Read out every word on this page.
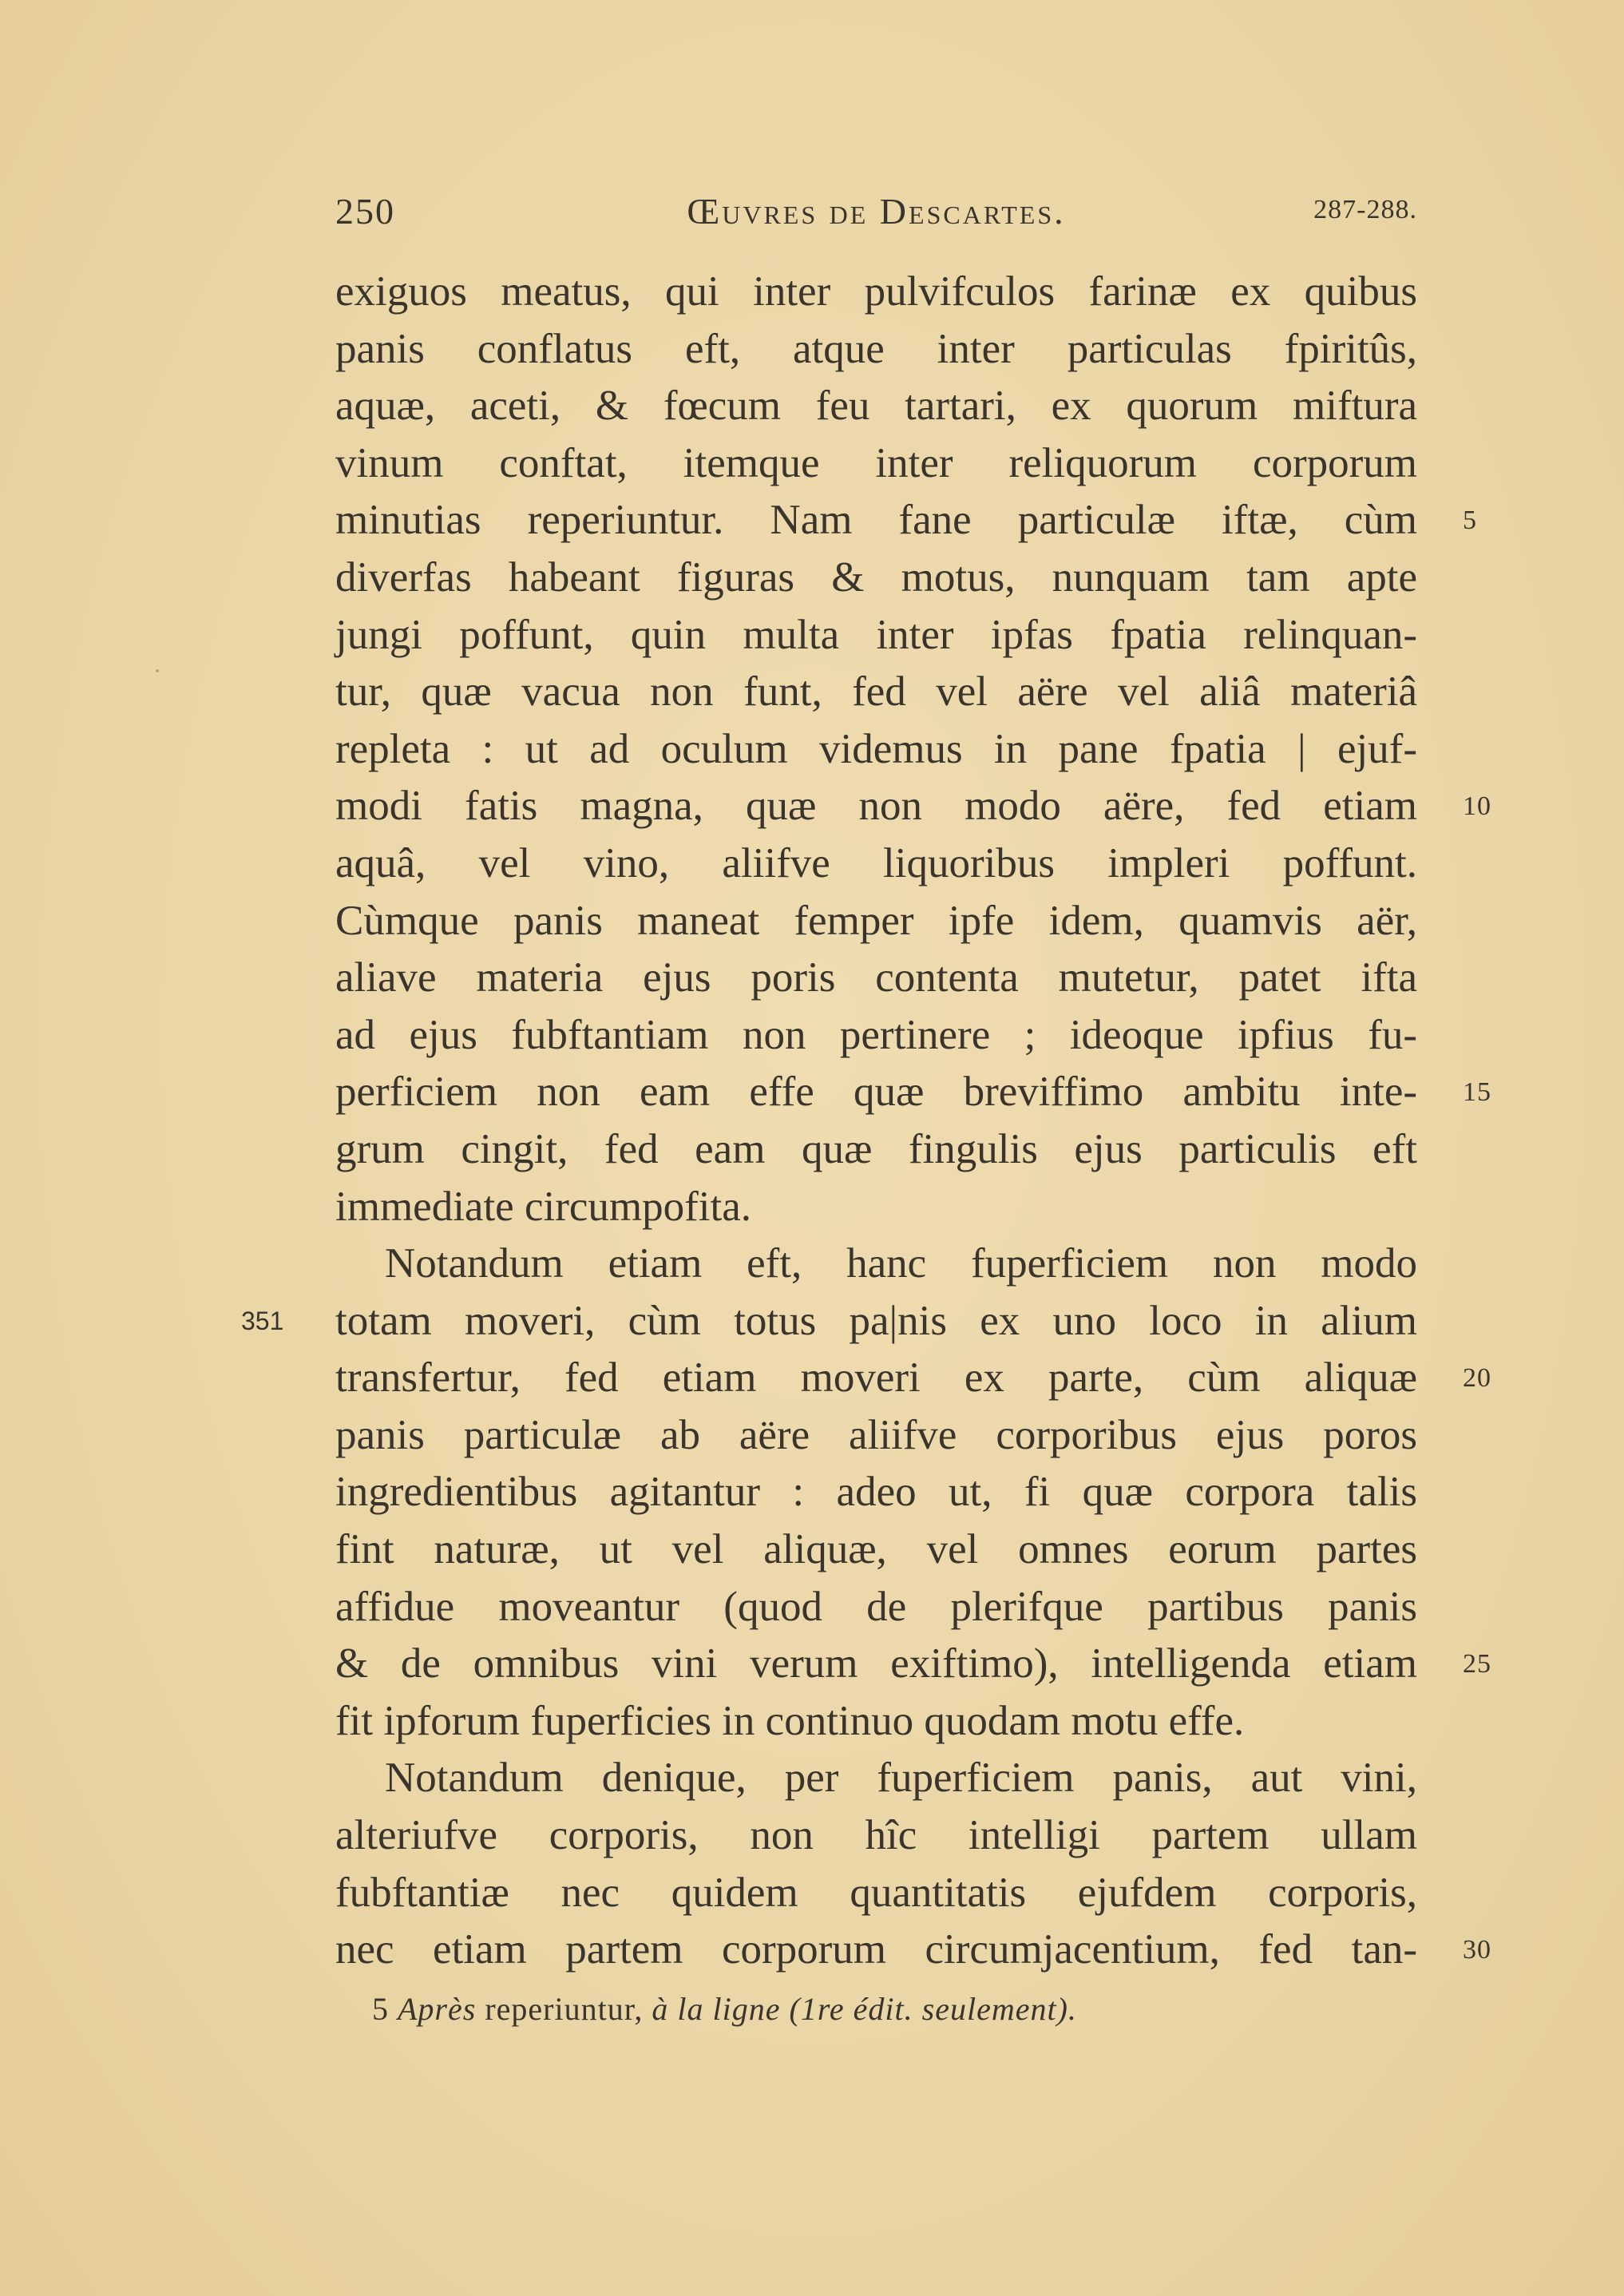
250	Œuvres de Descartes.	287-288.
exiguos meatus, qui inter pulvifculos farinæ ex quibus
panis conflatus eft, atque inter particulas fpiritûs,
aquæ, aceti, & fœcum feu tartari, ex quorum miftura
vinum conftat, itemque inter reliquorum corporum
minutias reperiuntur. Nam fane particulæ iftæ, cùm 5
diverfas habeant figuras & motus, nunquam tam apte
jungi poffunt, quin multa inter ipfas fpatia relinquan-
tur, quæ vacua non funt, fed vel aëre vel aliâ materiâ
repleta : ut ad oculum videmus in pane fpatia | ejuf-
modi fatis magna, quæ non modo aëre, fed etiam 10
aquâ, vel vino, aliifve liquoribus impleri poffunt.
Cùmque panis maneat femper ipfe idem, quamvis aër,
aliave materia ejus poris contenta mutetur, patet ifta
ad ejus fubftantiam non pertinere ; ideoque ipfius fu-
perficiem non eam effe quæ breviffimo ambitu inte- 15
grum cingit, fed eam quæ fingulis ejus particulis eft
immediate circumpofita.
Notandum etiam eft, hanc fuperficiem non modo
totam moveri, cùm totus pa|nis ex uno loco in alium
351
transfertur, fed etiam moveri ex parte, cùm aliquæ 20
panis particulæ ab aëre aliifve corporibus ejus poros
ingredientibus agitantur : adeo ut, fi quæ corpora talis
fint naturæ, ut vel aliquæ, vel omnes eorum partes
affidue moveantur (quod de plerifque partibus panis
& de omnibus vini verum exiftimo), intelligenda etiam 25
fit ipforum fuperficies in continuo quodam motu effe.
Notandum denique, per fuperficiem panis, aut vini,
alteriufve corporis, non hîc intelligi partem ullam
fubftantiæ nec quidem quantitatis ejufdem corporis,
nec etiam partem corporum circumjacentium, fed tan- 30
5 Après reperiuntur, à la ligne (1re édit. seulement).
